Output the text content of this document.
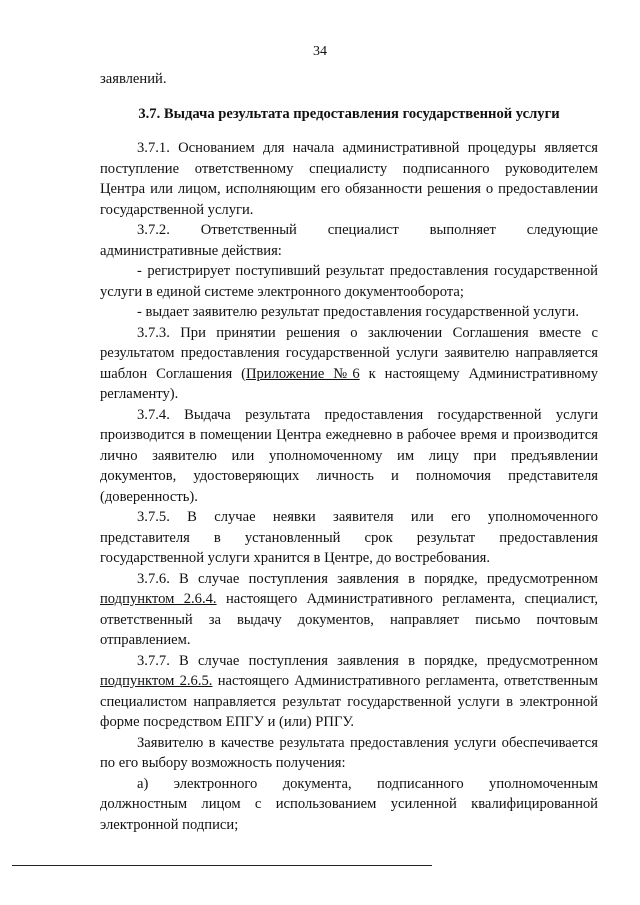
34
заявлений.
3.7. Выдача результата предоставления государственной услуги
3.7.1. Основанием для начала административной процедуры является
поступление ответственному специалисту подписанного руководителем
Центра или лицом, исполняющим его обязанности решения о предоставлении
государственной услуги.
3.7.2. Ответственный специалист выполняет следующие
административные действия:
- регистрирует поступивший результат предоставления государственной
услуги в единой системе электронного документооборота;
- выдает заявителю результат предоставления государственной услуги.
3.7.3. При принятии решения о заключении Соглашения вместе с
результатом предоставления государственной услуги заявителю направляется
шаблон Соглашения (Приложение №6 к настоящему Административному
регламенту).
3.7.4. Выдача результата предоставления государственной услуги
производится в помещении Центра ежедневно в рабочее время и производится
лично заявителю или уполномоченному им лицу при предъявлении
документов, удостоверяющих личность и полномочия представителя
(доверенность).
3.7.5. В случае неявки заявителя или его уполномоченного
представителя в установленный срок результат предоставления
государственной услуги хранится в Центре, до востребования.
3.7.6. В случае поступления заявления в порядке, предусмотренном
подпунктом 2.6.4. настоящего Административного регламента, специалист,
ответственный за выдачу документов, направляет письмо почтовым
отправлением.
3.7.7. В случае поступления заявления в порядке, предусмотренном
подпунктом 2.6.5. настоящего Административного регламента, ответственным
специалистом направляется результат государственной услуги в электронной
форме посредством ЕПГУ и (или) РПГУ.
Заявителю в качестве результата предоставления услуги обеспечивается
по его выбору возможность получения:
а) электронного документа, подписанного уполномоченным
должностным лицом с использованием усиленной квалифицированной
электронной подписи;
